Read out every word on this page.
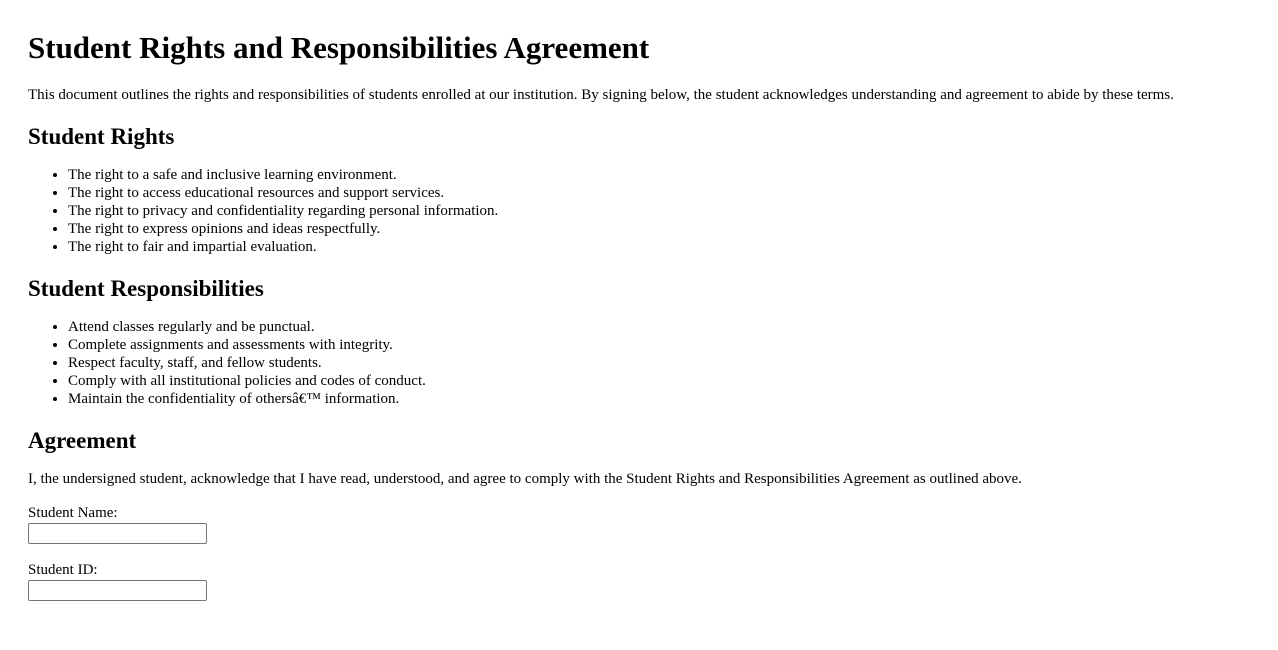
Student Rights and Responsibilities Agreement

This document outlines the rights and responsibilities of students enrolled at our institution. By signing below, the student acknowledges understanding and agreement to abide by these terms.

Student Rights
• The right to a safe and inclusive learning environment.
• The right to access educational resources and support services.
• The right to privacy and confidentiality regarding personal information.
• The right to express opinions and ideas respectfully.
• The right to fair and impartial evaluation.
Student Responsibilities
• Attend classes regularly and be punctual.
• Complete assignments and assessments with integrity.
• Respect faculty, staff, and fellow students.
• Comply with all institutional policies and codes of conduct.
• Maintain the confidentiality of othersâ€™ information.
Agreement

I, the undersigned student, acknowledge that I have read, understood, and agree to comply with the Student Rights and Responsibilities Agreement as outlined above.

Student Name:
Student ID:
